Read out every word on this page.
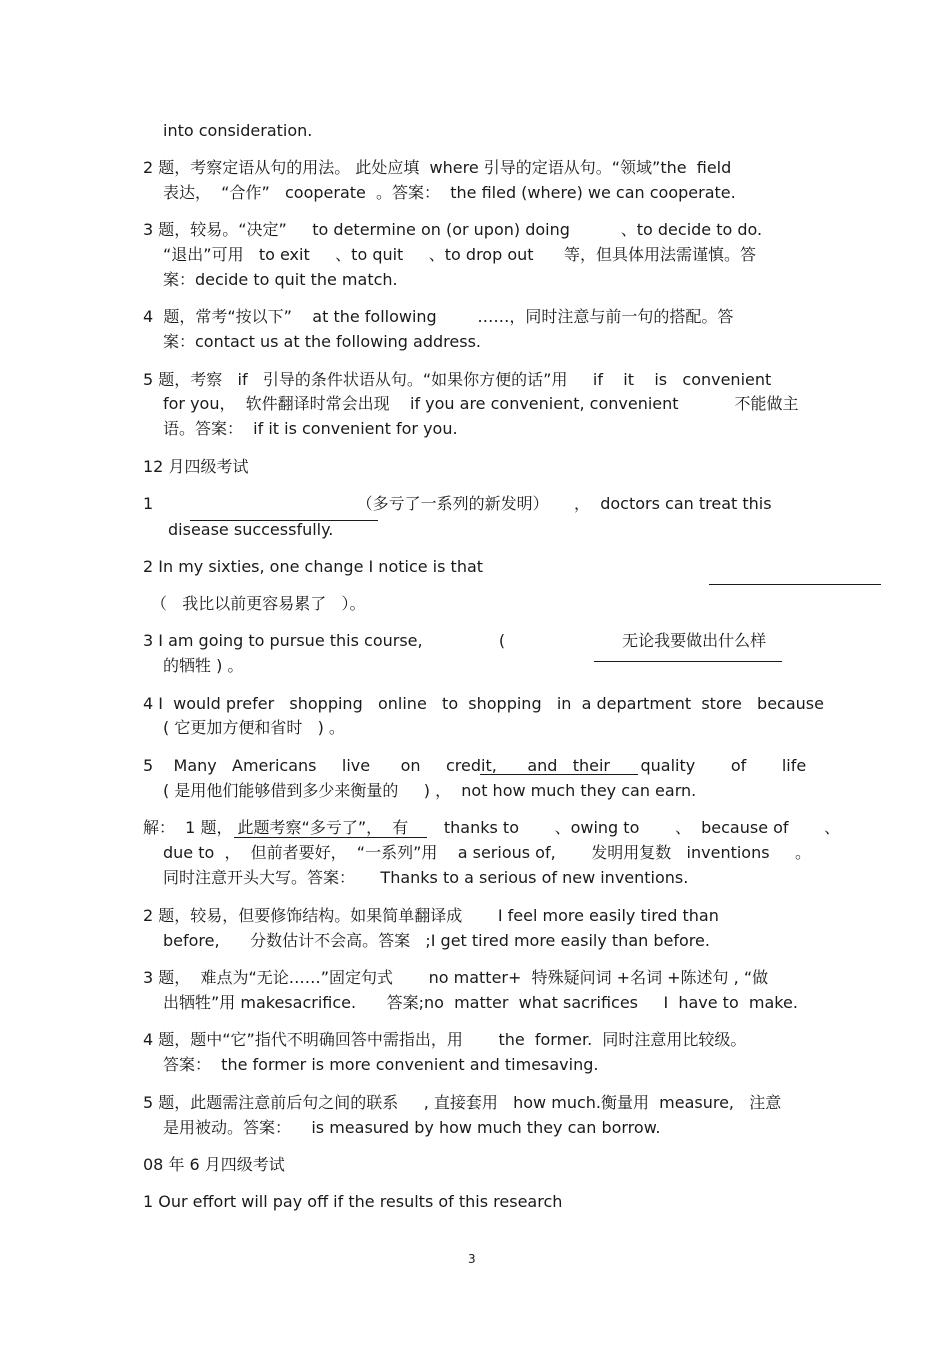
into consideration.
2 题，考察定语从句的用法。 此处应填  where 引导的定语从句。“领域”the  field
表达，  “合作”   cooperate  。答案：  the filed (where) we can cooperate.
3 题，较易。“决定”     to determine on (or upon) doing          、to decide to do.
“退出”可用   to exit     、to quit     、to drop out      等，但具体用法需谨慎。答
案：decide to quit the match.
4  题，常考“按以下”    at the following        ……，同时注意与前一句的搭配。答
案：contact us at the following address.
5 题，考察   if   引导的条件状语从句。“如果你方便的话”用     if    it    is   convenient
for you，  软件翻译时常会出现    if you are convenient, convenient           不能做主
语。答案：  if it is convenient for you.
12 月四级考试
1                                        （多亏了一系列的新发明）     ，  doctors can treat this
disease successfully.
2 In my sixties, one change I notice is that
（   我比以前更容易累了   ）。
3 I am going to pursue this course,               (                       无论我要做出什么样
的牺牲 ) 。
4 I  would prefer   shopping   online   to  shopping   in  a department  store   because
( 它更加方便和省时   ) 。
5    Many   Americans     live      on     credit,      and   their      quality       of       life
( 是用他们能够借到多少来衡量的     ) ，  not how much they can earn.
解：  1 题， 此题考察“多亏了”，  有       thanks to       、owing to       、  because of       、
due to  ，  但前者要好，  “一系列”用    a serious of,       发明用复数   inventions     。
同时注意开头大写。答案：     Thanks to a serious of new inventions.
2 题，较易，但要修饰结构。如果简单翻译成       I feel more easily tired than
before,      分数估计不会高。答案   ;I get tired more easily than before.
3 题，  难点为“无论……”固定句式       no matter+  特殊疑问词 +名词 +陈述句 , “做
出牺牲”用 makesacrifice.      答案;no  matter  what sacrifices     I  have to  make.
4 题，题中“它”指代不明确回答中需指出，用       the  former.  同时注意用比较级。
答案：  the former is more convenient and timesaving.
5 题，此题需注意前后句之间的联系     , 直接套用   how much.衡量用  measure,   注意
是用被动。答案：    is measured by how much they can borrow.
08 年 6 月四级考试
1 Our effort will pay off if the results of this research
3
